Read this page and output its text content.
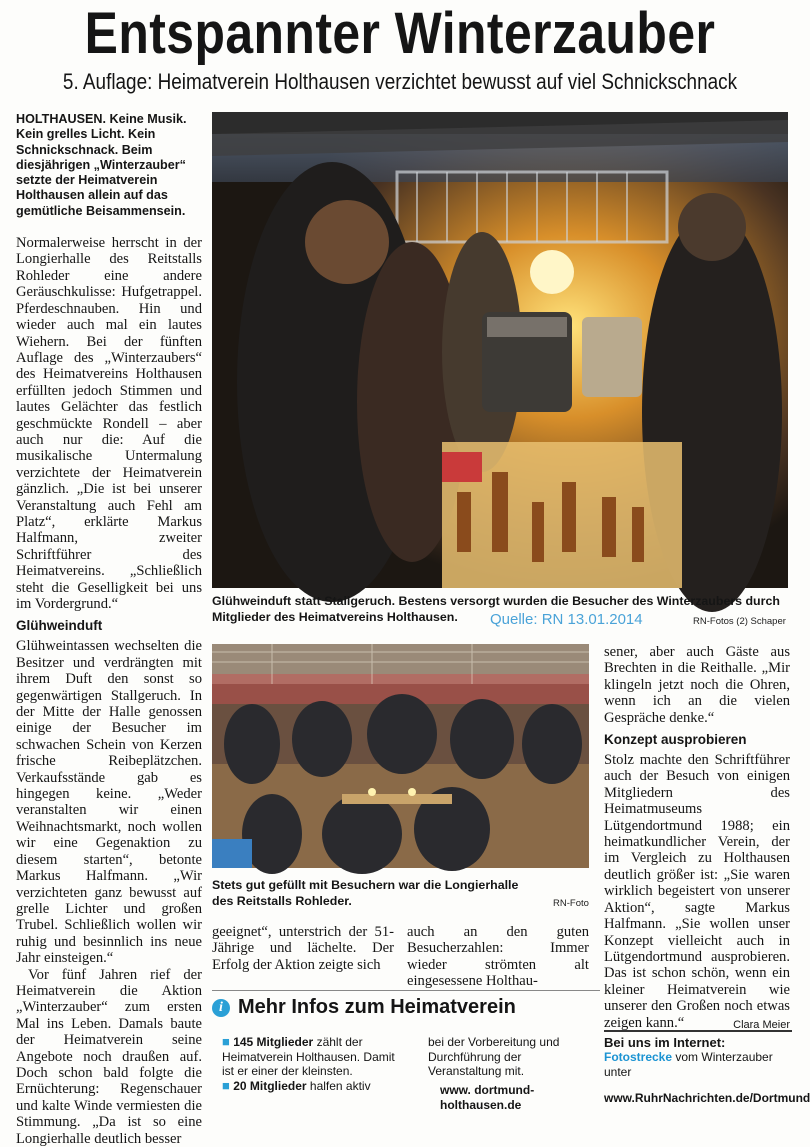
Entspannter Winterzauber
5. Auflage: Heimatverein Holthausen verzichtet bewusst auf viel Schnickschnack
HOLTHAUSEN. Keine Musik. Kein grelles Licht. Kein Schnickschnack. Beim diesjährigen „Winterzauber“ setzte der Heimatverein Holthausen allein auf das gemütliche Beisammensein.

Normalerweise herrscht in der Longierhalle des Reitstalls Rohleder eine andere Geräuschkulisse: Hufgetrappel. Pferdeschnauben. Hin und wieder auch mal ein lautes Wiehern. Bei der fünften Auflage des „Winterzaubers“ des Heimatvereins Holthausen erfüllten jedoch Stimmen und lautes Gelächter das festlich geschmückte Rondell – aber auch nur die: Auf die musikalische Untermalung verzichtete der Heimatverein gänzlich. „Die ist bei unserer Veranstaltung auch Fehl am Platz“, erklärte Markus Halfmann, zweiter Schriftführer des Heimatvereins. „Schließlich steht die Geselligkeit bei uns im Vordergrund.“

Glühweinduft

Glühweintassen wechselten die Besitzer und verdrängten mit ihrem Duft den sonst so gegenwärtigen Stallgeruch. In der Mitte der Halle genossen einige der Besucher im schwachen Schein von Kerzen frische Reibeplätzchen. Verkaufsstände gab es hingegen keine. „Weder veranstalten wir einen Weihnachtsmarkt, noch wollen wir eine Gegenaktion zu diesem starten“, betonte Markus Halfmann. „Wir verzichteten ganz bewusst auf grelle Lichter und großen Trubel. Schließlich wollen wir ruhig und besinnlich ins neue Jahr einsteigen.“

Vor fünf Jahren rief der Heimatverein die Aktion „Winterzauber“ zum ersten Mal ins Leben. Damals baute der Heimatverein seine Angebote noch draußen auf. Doch schon bald folgte die Ernüchterung: Regenschauer und kalte Winde vermiesten die Stimmung. „Da ist so eine Longierhalle deutlich besser

Glühweinduft statt Stallgeruch. Bestens versorgt wurden die Besucher des Winterzaubers durch Mitglieder des Heimatvereins Holthausen.	Quelle: RN 13.01.2014	RN-Fotos (2) Schaper
Stets gut gefüllt mit Besuchern war die Longierhalle des Reitstalls Rohleder.	RN-Foto
geeignet“, unterstrich der 51-Jährige und lächelte. Der Erfolg der Aktion zeigte sich
auch an den guten Besucherzahlen: Immer wieder strömten alt eingesessene Holthau-

sener, aber auch Gäste aus Brechten in die Reithalle. „Mir klingeln jetzt noch die Ohren, wenn ich an die vielen Gespräche denke.“

Konzept ausprobieren

Stolz machte den Schriftführer auch der Besuch von einigen Mitgliedern des Heimatmuseums Lütgendortmund 1988; ein heimatkundlicher Verein, der im Vergleich zu Holthausen deutlich größer ist: „Sie waren wirklich begeistert von unserer Aktion“, sagte Markus Halfmann. „Sie wollen unser Konzept vielleicht auch in Lütgendortmund ausprobieren. Das ist schon schön, wenn ein kleiner Heimatverein wie unserer den Großen noch etwas zeigen kann.“	Clara Meier
i Mehr Infos zum Heimatverein
■ 145 Mitglieder zählt der Heimatverein Holthausen. Damit ist er einer der kleinsten.
■ 20 Mitglieder halfen aktiv
bei der Vorbereitung und Durchführung der Veranstaltung mit.
www. dortmund-holthausen.de
Bei uns im Internet:
Fotostrecke vom Winterzauber unter
www.RuhrNachrichten.de/Dortmund
